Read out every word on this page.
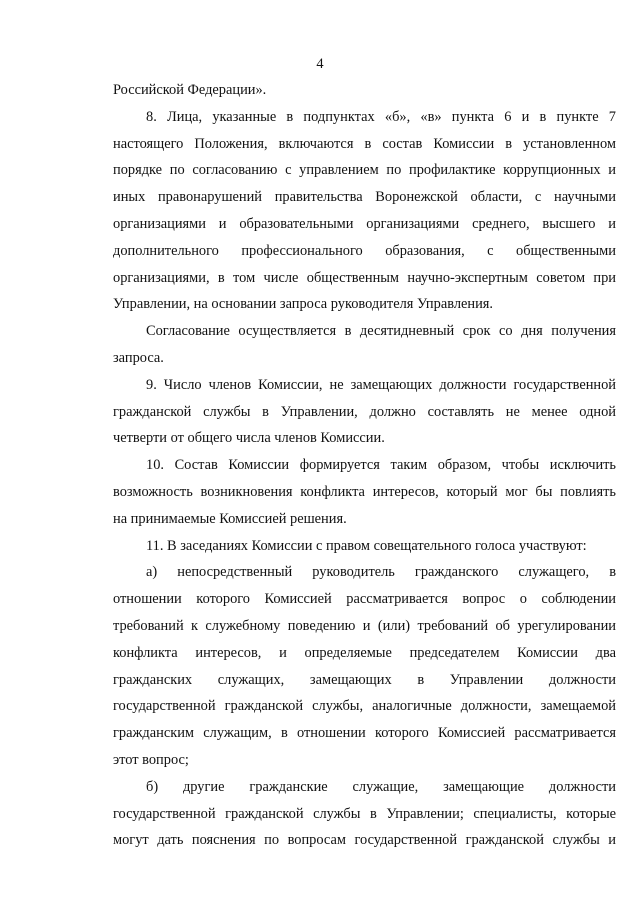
4
Российской Федерации».
8. Лица, указанные в подпунктах «б», «в» пункта 6 и в пункте 7
настоящего Положения, включаются в состав Комиссии в установленном
порядке по согласованию с управлением по профилактике коррупционных и
иных правонарушений правительства Воронежской области, с научными
организациями и образовательными организациями среднего, высшего и
дополнительного профессионального образования, с общественными
организациями, в том числе общественным научно-экспертным советом при
Управлении, на основании запроса руководителя Управления.
Согласование осуществляется в десятидневный срок со дня получения
запроса.
9. Число членов Комиссии, не замещающих должности государственной
гражданской службы в Управлении, должно составлять не менее одной
четверти от общего числа членов Комиссии.
10. Состав Комиссии формируется таким образом, чтобы исключить
возможность возникновения конфликта интересов, который мог бы повлиять
на принимаемые Комиссией решения.
11. В заседаниях Комиссии с правом совещательного голоса участвуют:
а) непосредственный руководитель гражданского служащего, в
отношении которого Комиссией рассматривается вопрос о соблюдении
требований к служебному поведению и (или) требований об урегулировании
конфликта интересов, и определяемые председателем Комиссии два
гражданских служащих, замещающих в Управлении должности
государственной гражданской службы, аналогичные должности, замещаемой
гражданским служащим, в отношении которого Комиссией рассматривается
этот вопрос;
б) другие гражданские служащие, замещающие должности
государственной гражданской службы в Управлении; специалисты, которые
могут дать пояснения по вопросам государственной гражданской службы и
